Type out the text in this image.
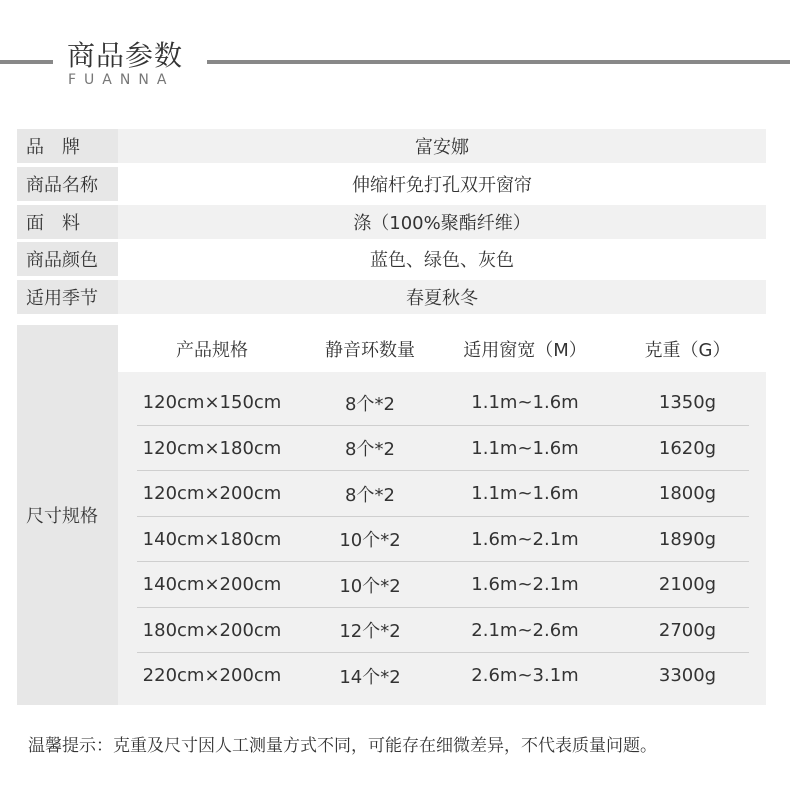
商品参数
FUANNA
品　牌	富安娜
商品名称	伸缩杆免打孔双开窗帘
面　料	涤（100%聚酯纤维）
商品颜色	蓝色、绿色、灰色
适用季节	春夏秋冬
尺寸规格
产品规格	静音环数量	适用窗宽（M）	克重（G）
120cm×150cm	8个*2	1.1m~1.6m	1350g
120cm×180cm	8个*2	1.1m~1.6m	1620g
120cm×200cm	8个*2	1.1m~1.6m	1800g
140cm×180cm	10个*2	1.6m~2.1m	1890g
140cm×200cm	10个*2	1.6m~2.1m	2100g
180cm×200cm	12个*2	2.1m~2.6m	2700g
220cm×200cm	14个*2	2.6m~3.1m	3300g
温馨提示：克重及尺寸因人工测量方式不同，可能存在细微差异，不代表质量问题。
